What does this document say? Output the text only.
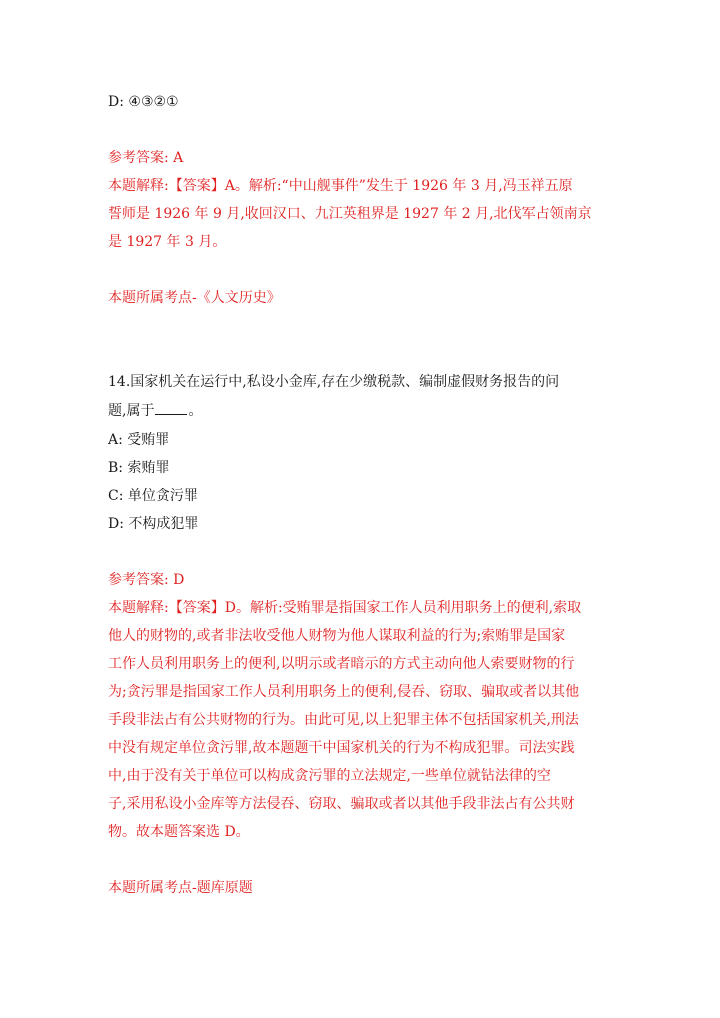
D: ④③②①
参考答案: A
本题解释:【答案】A。解析:“中山舰事件”发生于 1926 年 3 月,冯玉祥五原
誓师是 1926 年 9 月,收回汉口、九江英租界是 1927 年 2 月,北伐军占领南京
是 1927 年 3 月。
本题所属考点-《人文历史》
14.国家机关在运行中,私设小金库,存在少缴税款、编制虚假财务报告的问
题,属于 。
A: 受贿罪
B: 索贿罪
C: 单位贪污罪
D: 不构成犯罪
参考答案: D
本题解释:【答案】D。解析:受贿罪是指国家工作人员利用职务上的便利,索取
他人的财物的,或者非法收受他人财物为他人谋取利益的行为;索贿罪是国家
工作人员利用职务上的便利,以明示或者暗示的方式主动向他人索要财物的行
为;贪污罪是指国家工作人员利用职务上的便利,侵吞、窃取、骗取或者以其他
手段非法占有公共财物的行为。由此可见,以上犯罪主体不包括国家机关,刑法
中没有规定单位贪污罪,故本题题干中国家机关的行为不构成犯罪。司法实践
中,由于没有关于单位可以构成贪污罪的立法规定,一些单位就钻法律的空
子,采用私设小金库等方法侵吞、窃取、骗取或者以其他手段非法占有公共财
物。故本题答案选 D。
本题所属考点-题库原题
